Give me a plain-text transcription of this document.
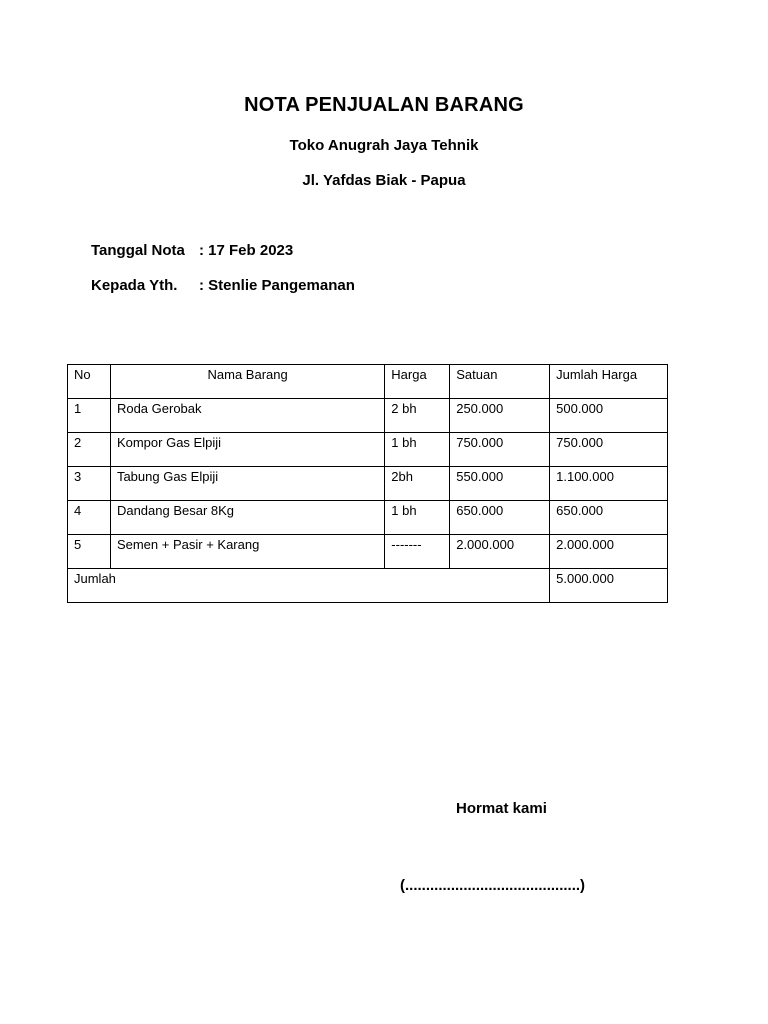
NOTA PENJUALAN BARANG
Toko Anugrah Jaya Tehnik
Jl. Yafdas Biak - Papua
Tanggal Nota : 17 Feb 2023
Kepada Yth. : Stenlie Pangemanan
No	Nama Barang	Harga	Satuan	Jumlah Harga
1	Roda Gerobak	2 bh	250.000	500.000
2	Kompor Gas Elpiji	1 bh	750.000	750.000
3	Tabung Gas Elpiji	2bh	550.000	1.100.000
4	Dandang Besar 8Kg	1 bh	650.000	650.000
5	Semen + Pasir + Karang	-------	2.000.000	2.000.000
Jumlah				5.000.000
Hormat kami
(..........................................)
